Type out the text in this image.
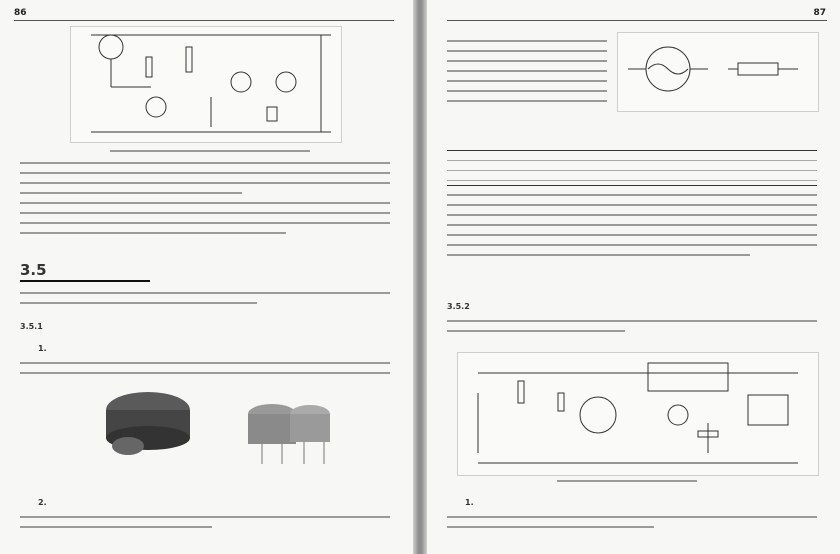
86
3.5
3.5.1
1.
2.
87
3.5.2
1.
